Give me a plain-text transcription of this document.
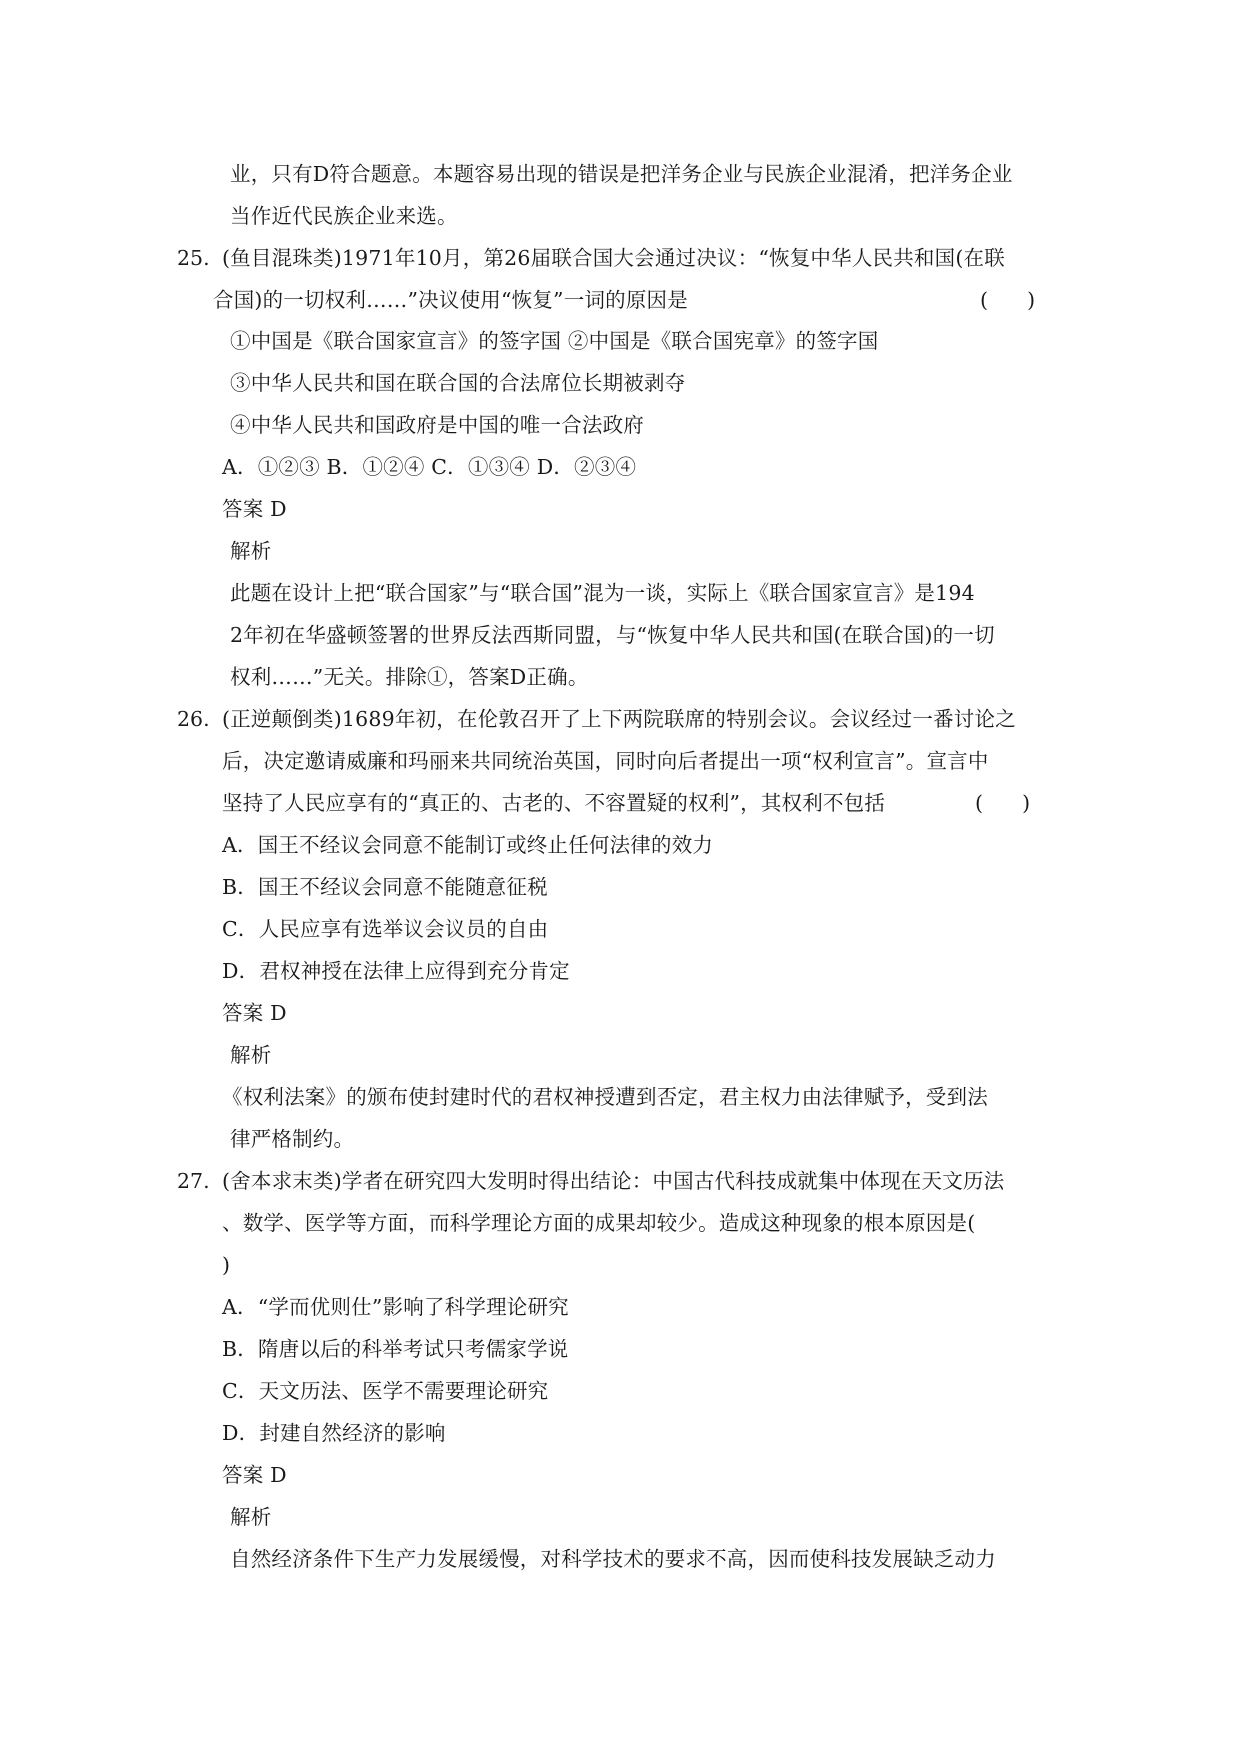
业，只有D符合题意。本题容易出现的错误是把洋务企业与民族企业混淆，把洋务企业
当作近代民族企业来选。
25. (鱼目混珠类)1971年10月，第26届联合国大会通过决议：“恢复中华人民共和国(在联
合国)的一切权利……”决议使用“恢复”一词的原因是	(      )
①中国是《联合国家宣言》的签字国 ②中国是《联合国宪章》的签字国
③中华人民共和国在联合国的合法席位长期被剥夺
④中华人民共和国政府是中国的唯一合法政府
A．①②③ B．①②④ C．①③④ D．②③④
答案 D
解析
此题在设计上把“联合国家”与“联合国”混为一谈，实际上《联合国家宣言》是194
2年初在华盛顿签署的世界反法西斯同盟，与“恢复中华人民共和国(在联合国)的一切
权利……”无关。排除①，答案D正确。
26. (正逆颠倒类)1689年初，在伦敦召开了上下两院联席的特别会议。会议经过一番讨论之
后，决定邀请威廉和玛丽来共同统治英国，同时向后者提出一项“权利宣言”。宣言中
坚持了人民应享有的“真正的、古老的、不容置疑的权利”，其权利不包括	(      )
A．国王不经议会同意不能制订或终止任何法律的效力
B．国王不经议会同意不能随意征税
C．人民应享有选举议会议员的自由
D．君权神授在法律上应得到充分肯定
答案 D
解析
《权利法案》的颁布使封建时代的君权神授遭到否定，君主权力由法律赋予，受到法
律严格制约。
27. (舍本求末类)学者在研究四大发明时得出结论：中国古代科技成就集中体现在天文历法
、数学、医学等方面，而科学理论方面的成果却较少。造成这种现象的根本原因是(
)
A．“学而优则仕”影响了科学理论研究
B．隋唐以后的科举考试只考儒家学说
C．天文历法、医学不需要理论研究
D．封建自然经济的影响
答案 D
解析
自然经济条件下生产力发展缓慢，对科学技术的要求不高，因而使科技发展缺乏动力
